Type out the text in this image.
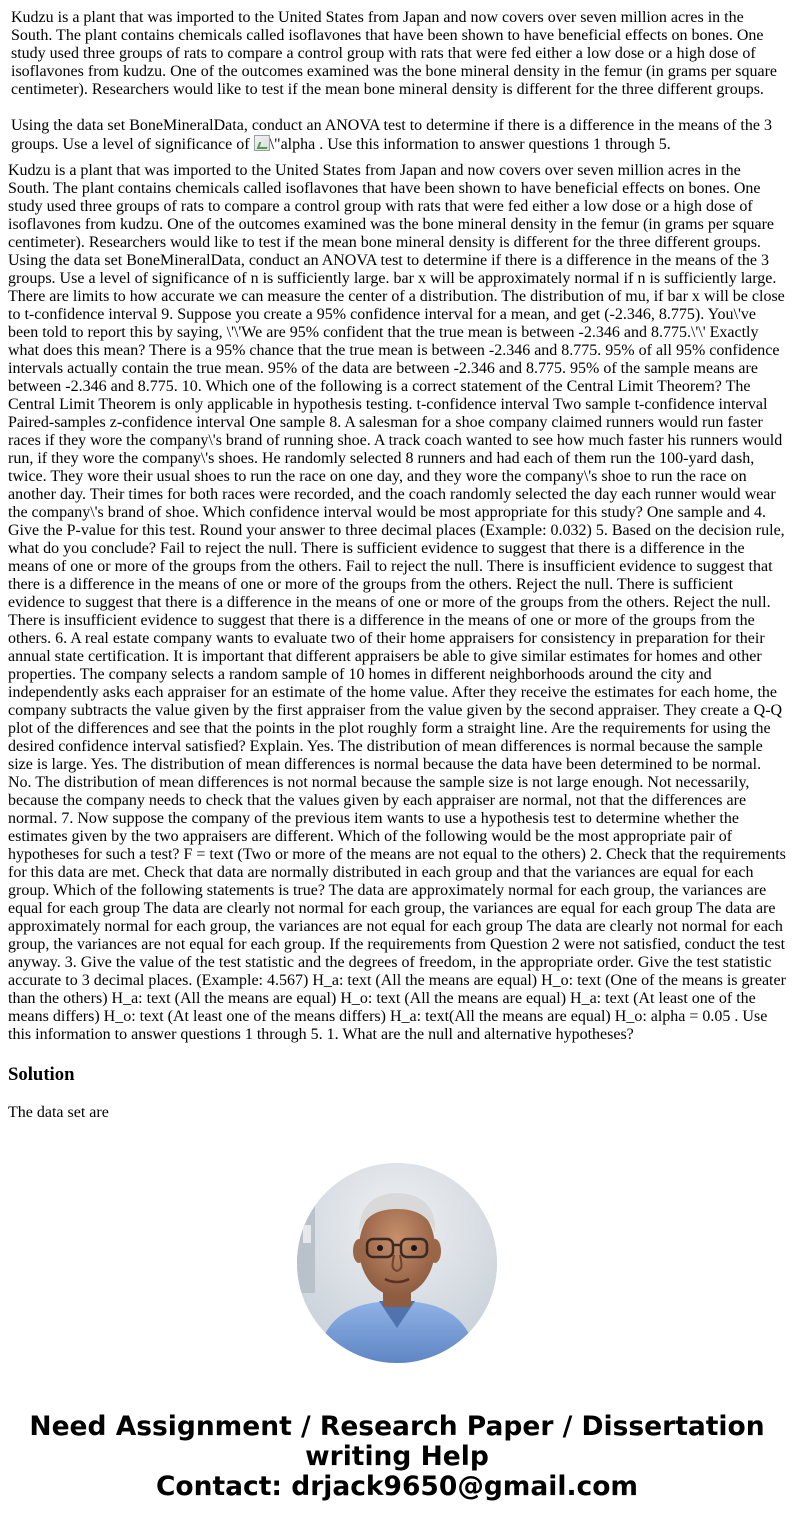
Kudzu is a plant that was imported to the United States from Japan and now covers over seven million acres in the South. The plant contains chemicals called isoflavones that have been shown to have beneficial effects on bones. One study used three groups of rats to compare a control group with rats that were fed either a low dose or a high dose of isoflavones from kudzu. One of the outcomes examined was the bone mineral density in the femur (in grams per square centimeter). Researchers would like to test if the mean bone mineral density is different for the three different groups.

Using the data set BoneMineralData, conduct an ANOVA test to determine if there is a difference in the means of the 3 groups. Use a level of significance of \"alpha . Use this information to answer questions 1 through 5.

Kudzu is a plant that was imported to the United States from Japan and now covers over seven million acres in the South. The plant contains chemicals called isoflavones that have been shown to have beneficial effects on bones. One study used three groups of rats to compare a control group with rats that were fed either a low dose or a high dose of isoflavones from kudzu. One of the outcomes examined was the bone mineral density in the femur (in grams per square centimeter). Researchers would like to test if the mean bone mineral density is different for the three different groups. Using the data set BoneMineralData, conduct an ANOVA test to determine if there is a difference in the means of the 3 groups. Use a level of significance of n is sufficiently large. bar x will be approximately normal if n is sufficiently large. There are limits to how accurate we can measure the center of a distribution. The distribution of mu, if bar x will be close to t-confidence interval 9. Suppose you create a 95% confidence interval for a mean, and get (-2.346, 8.775). You\'ve been told to report this by saying, \'\'We are 95% confident that the true mean is between -2.346 and 8.775.\'\' Exactly what does this mean? There is a 95% chance that the true mean is between -2.346 and 8.775. 95% of all 95% confidence intervals actually contain the true mean. 95% of the data are between -2.346 and 8.775. 95% of the sample means are between -2.346 and 8.775. 10. Which one of the following is a correct statement of the Central Limit Theorem? The Central Limit Theorem is only applicable in hypothesis testing. t-confidence interval Two sample t-confidence interval Paired-samples z-confidence interval One sample 8. A salesman for a shoe company claimed runners would run faster races if they wore the company\'s brand of running shoe. A track coach wanted to see how much faster his runners would run, if they wore the company\'s shoes. He randomly selected 8 runners and had each of them run the 100-yard dash, twice. They wore their usual shoes to run the race on one day, and they wore the company\'s shoe to run the race on another day. Their times for both races were recorded, and the coach randomly selected the day each runner would wear the company\'s brand of shoe. Which confidence interval would be most appropriate for this study? One sample and 4. Give the P-value for this test. Round your answer to three decimal places (Example: 0.032) 5. Based on the decision rule, what do you conclude? Fail to reject the null. There is sufficient evidence to suggest that there is a difference in the means of one or more of the groups from the others. Fail to reject the null. There is insufficient evidence to suggest that there is a difference in the means of one or more of the groups from the others. Reject the null. There is sufficient evidence to suggest that there is a difference in the means of one or more of the groups from the others. Reject the null. There is insufficient evidence to suggest that there is a difference in the means of one or more of the groups from the others. 6. A real estate company wants to evaluate two of their home appraisers for consistency in preparation for their annual state certification. It is important that different appraisers be able to give similar estimates for homes and other properties. The company selects a random sample of 10 homes in different neighborhoods around the city and independently asks each appraiser for an estimate of the home value. After they receive the estimates for each home, the company subtracts the value given by the first appraiser from the value given by the second appraiser. They create a Q-Q plot of the differences and see that the points in the plot roughly form a straight line. Are the requirements for using the desired confidence interval satisfied? Explain. Yes. The distribution of mean differences is normal because the sample size is large. Yes. The distribution of mean differences is normal because the data have been determined to be normal. No. The distribution of mean differences is not normal because the sample size is not large enough. Not necessarily, because the company needs to check that the values given by each appraiser are normal, not that the differences are normal. 7. Now suppose the company of the previous item wants to use a hypothesis test to determine whether the estimates given by the two appraisers are different. Which of the following would be the most appropriate pair of hypotheses for such a test? F = text (Two or more of the means are not equal to the others) 2. Check that the requirements for this data are met. Check that data are normally distributed in each group and that the variances are equal for each group. Which of the following statements is true? The data are approximately normal for each group, the variances are equal for each group The data are clearly not normal for each group, the variances are equal for each group The data are approximately normal for each group, the variances are not equal for each group The data are clearly not normal for each group, the variances are not equal for each group. If the requirements from Question 2 were not satisfied, conduct the test anyway. 3. Give the value of the test statistic and the degrees of freedom, in the appropriate order. Give the test statistic accurate to 3 decimal places. (Example: 4.567) H_a: text (All the means are equal) H_o: text (One of the means is greater than the others) H_a: text (All the means are equal) H_o: text (All the means are equal) H_a: text (At least one of the means differs) H_o: text (At least one of the means differs) H_a: text(All the means are equal) H_o: alpha = 0.05 . Use this information to answer questions 1 through 5. 1. What are the null and alternative hypotheses?
Solution

The data set are

Need Assignment / Research Paper / Dissertation
writing Help
Contact: drjack9650@gmail.com
